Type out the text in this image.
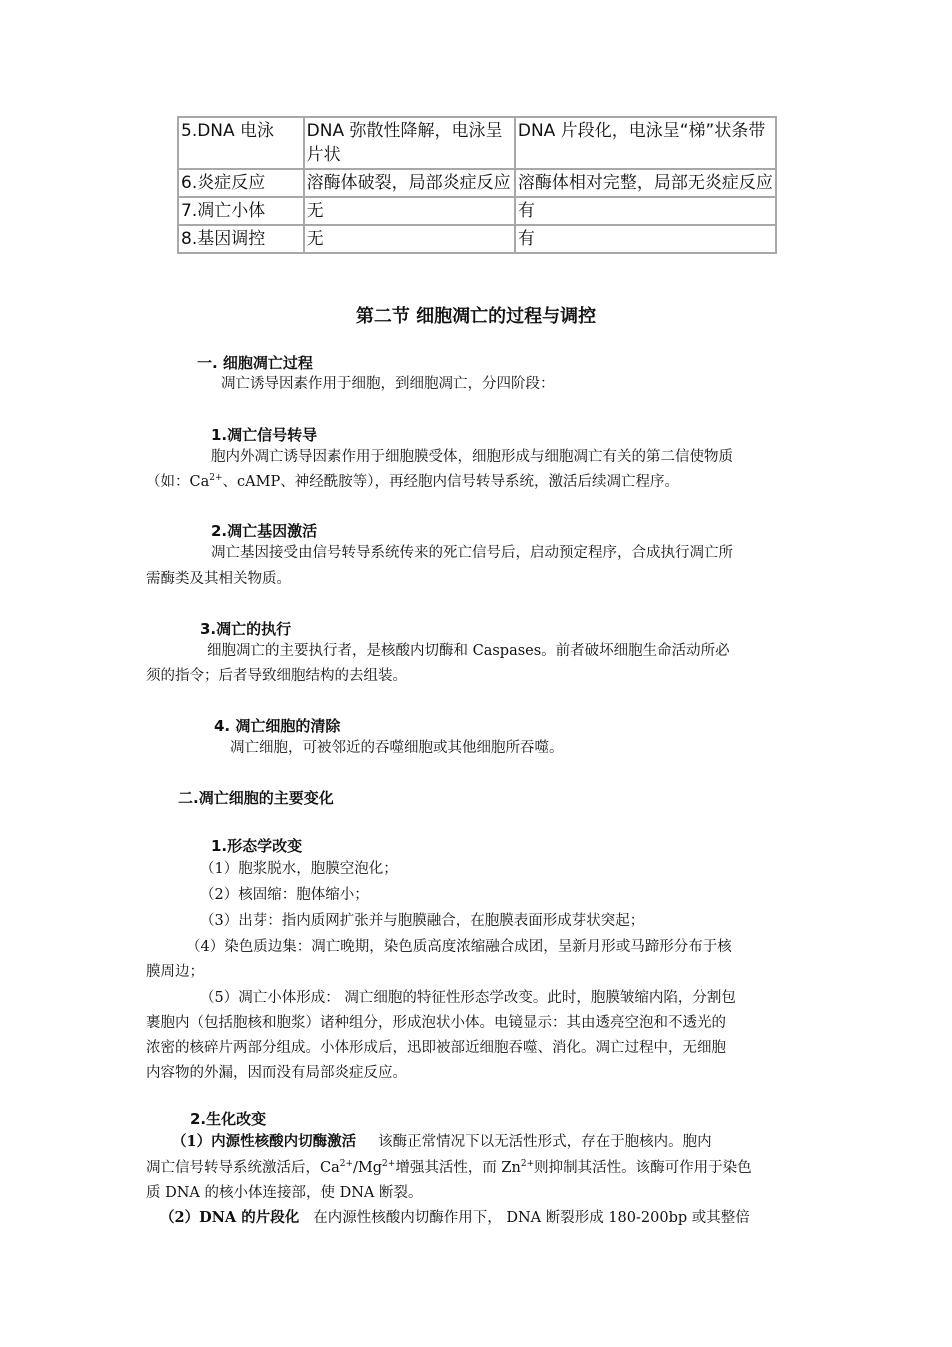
5.DNA 电泳	DNA 弥散性降解，电泳呈片状	DNA 片段化，电泳呈“梯”状条带
6.炎症反应	溶酶体破裂，局部炎症反应	溶酶体相对完整，局部无炎症反应
7.凋亡小体	无	有
8.基因调控	无	有
第二节 细胞凋亡的过程与调控
一. 细胞凋亡过程
凋亡诱导因素作用于细胞，到细胞凋亡，分四阶段：
1.凋亡信号转导
胞内外凋亡诱导因素作用于细胞膜受体，细胞形成与细胞凋亡有关的第二信使物质
（如：$Ca^{2+}$、cAMP、神经酰胺等），再经胞内信号转导系统，激活后续凋亡程序。
2.凋亡基因激活
凋亡基因接受由信号转导系统传来的死亡信号后，启动预定程序，合成执行凋亡所
需酶类及其相关物质。
3.凋亡的执行
细胞凋亡的主要执行者，是核酸内切酶和 Caspases。前者破坏细胞生命活动所必
须的指令；后者导致细胞结构的去组装。
4. 凋亡细胞的清除
凋亡细胞，可被邻近的吞噬细胞或其他细胞所吞噬。
二.凋亡细胞的主要变化
1.形态学改变
（1）胞浆脱水，胞膜空泡化；
（2）核固缩：胞体缩小；
（3）出芽：指内质网扩张并与胞膜融合，在胞膜表面形成芽状突起；
（4）染色质边集：凋亡晚期，染色质高度浓缩融合成团，呈新月形或马蹄形分布于核
膜周边；
（5）凋亡小体形成： 凋亡细胞的特征性形态学改变。此时，胞膜皱缩内陷，分割包
裹胞内（包括胞核和胞浆）诸种组分，形成泡状小体。电镜显示：其由透亮空泡和不透光的
浓密的核碎片两部分组成。小体形成后，迅即被部近细胞吞噬、消化。凋亡过程中，无细胞
内容物的外漏，因而没有局部炎症反应。
2.生化改变
（1）内源性核酸内切酶激活 该酶正常情况下以无活性形式，存在于胞核内。胞内
凋亡信号转导系统激活后，$Ca^{2+}/Mg^{2+}$增强其活性，而 $Zn^{2+}$则抑制其活性。该酶可作用于染色
质 DNA 的核小体连接部，使 DNA 断裂。
（2）DNA 的片段化 在内源性核酸内切酶作用下， DNA 断裂形成 180-200bp 或其整倍
